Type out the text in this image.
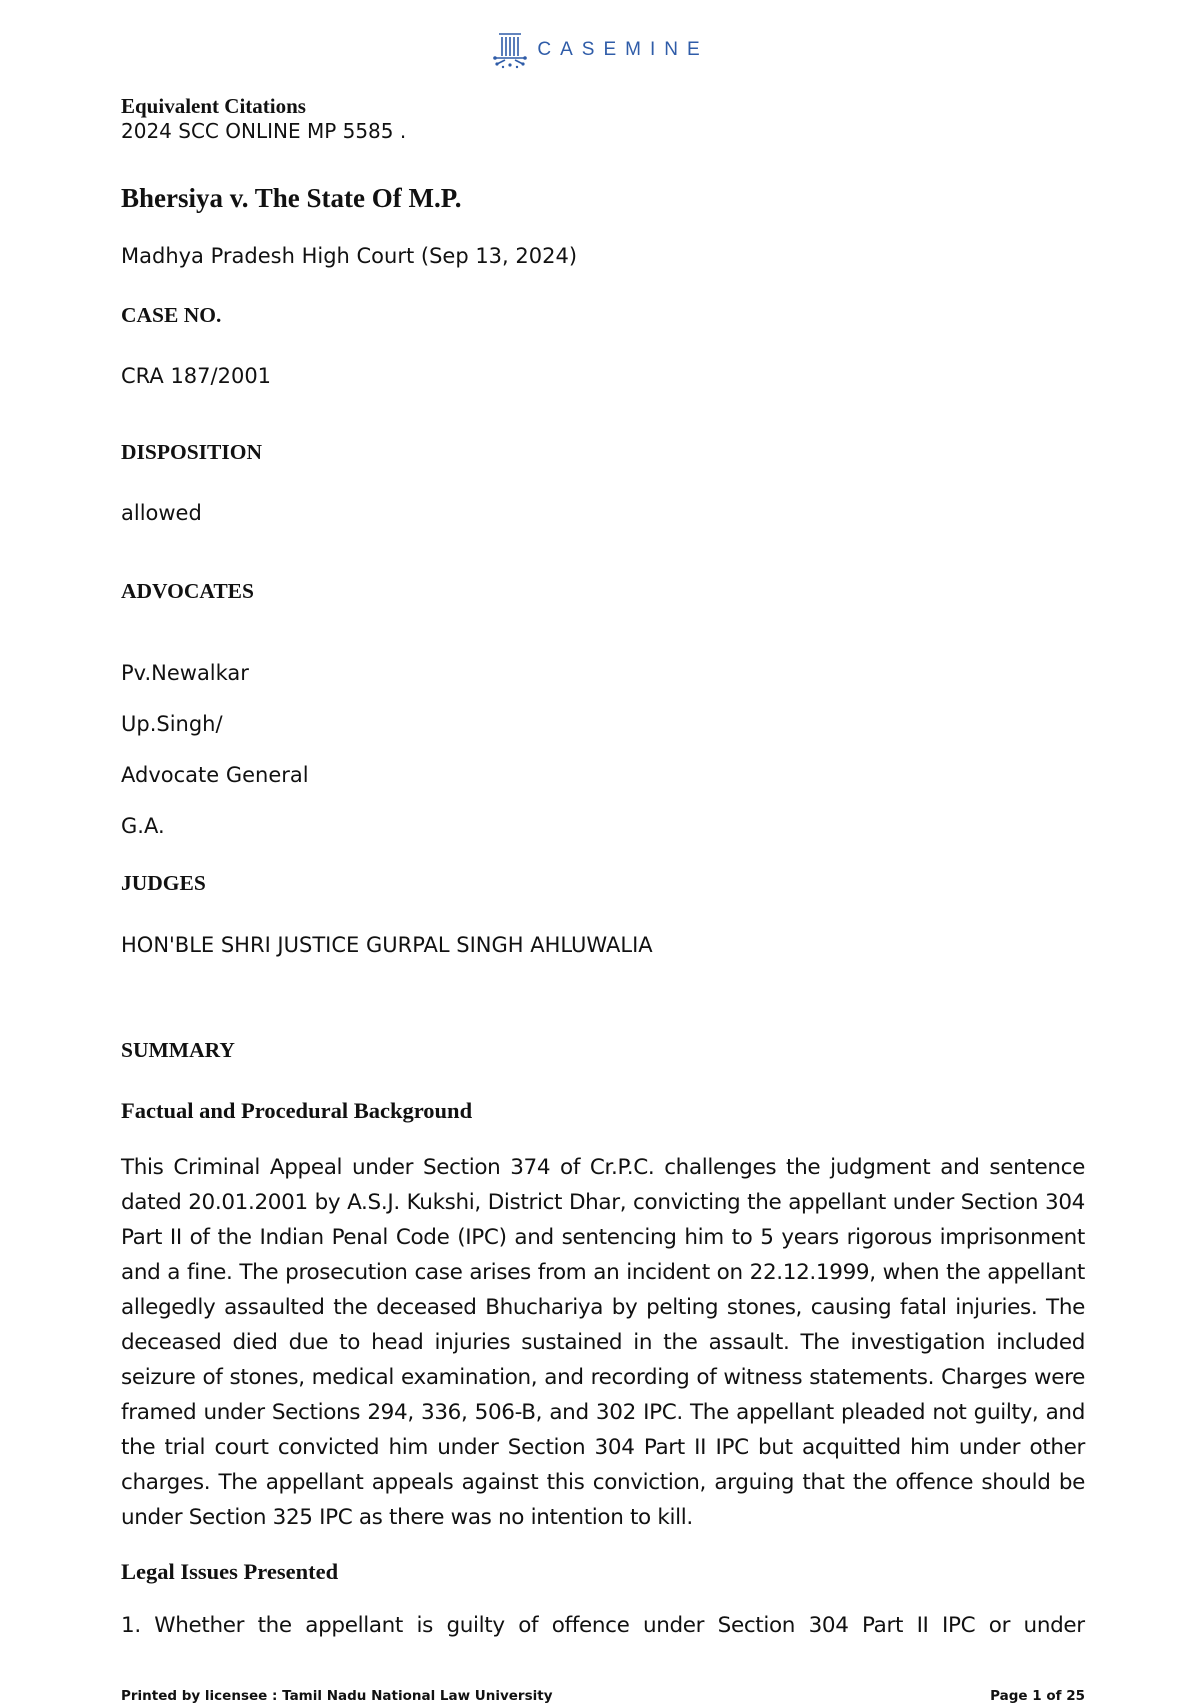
CASEMINE
Equivalent Citations
2024 SCC ONLINE MP 5585 .
Bhersiya v. The State Of M.P.
Madhya Pradesh High Court (Sep 13, 2024)
CASE NO.
CRA 187/2001
DISPOSITION
allowed
ADVOCATES
Pv.Newalkar
Up.Singh/
Advocate General
G.A.
JUDGES
HON'BLE SHRI JUSTICE GURPAL SINGH AHLUWALIA
SUMMARY
Factual and Procedural Background
This Criminal Appeal under Section 374 of Cr.P.C. challenges the judgment and sentence dated 20.01.2001 by A.S.J. Kukshi, District Dhar, convicting the appellant under Section 304 Part II of the Indian Penal Code (IPC) and sentencing him to 5 years rigorous imprisonment and a fine. The prosecution case arises from an incident on 22.12.1999, when the appellant allegedly assaulted the deceased Bhuchariya by pelting stones, causing fatal injuries. The deceased died due to head injuries sustained in the assault. The investigation included seizure of stones, medical examination, and recording of witness statements. Charges were framed under Sections 294, 336, 506-B, and 302 IPC. The appellant pleaded not guilty, and the trial court convicted him under Section 304 Part II IPC but acquitted him under other charges. The appellant appeals against this conviction, arguing that the offence should be under Section 325 IPC as there was no intention to kill.
Legal Issues Presented
1. Whether the appellant is guilty of offence under Section 304 Part II IPC or under
Printed by licensee : Tamil Nadu National Law University	Page 1 of 25
